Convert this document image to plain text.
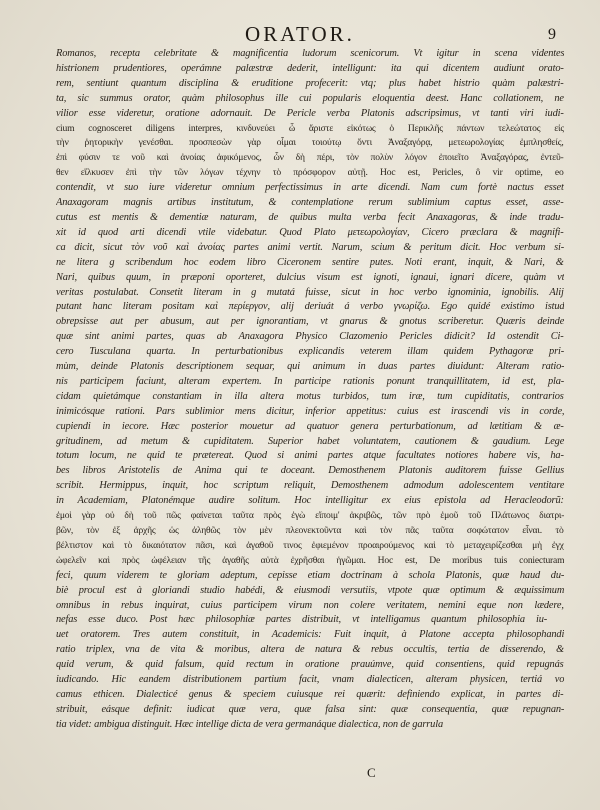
ORATOR.	9
Romanos, recepta celebritate & magnificentia ludorum scenicorum. Vt igitur in scena videntes
histrionem prudentiores, operámne palæstræ dederit, intelligunt: ita qui dicentem audiunt orato-
rem, sentiunt quantum disciplina & eruditione profecerit: vtq; plus habet histrio quàm palæstri-
ta, sic summus orator, quàm philosophus ille cui popularis eloquentia deest. Hanc collationem, ne
vilior esse videretur, oratione adornauit. De Pericle verba Platonis adscripsimus, vt tanti viri iudi-
cium cognosceret diligens interpres, κινδυνεύει ὦ ἄριστε εἰκότως ὁ Περικλῆς πάντων τελεώτατος εἰς
τὴν ῥητορικὴν γενέσθαι. προσπεσὼν γὰρ οἶμαι τοιούτῳ ὄντι Ἀναξαγόρᾳ, μετεωρολογίας ἐμπλησθείς,
ἐπὶ φύσιν τε νοῦ καὶ ἀνοίας ἀφικόμενος, ὧν δὴ πέρι, τὸν πολὺν λόγον ἐποιεῖτο Ἀναξαγόρας, ἐντεῦ-
θεν εἵλκυσεν ἐπὶ τὴν τῶν λόγων τέχνην τὸ πρόσφορον αὐτῇ. Hoc est, Pericles, ô vir optime, eo
contendit, vt suo iure videretur omnium perfectissimus in arte dicendi. Nam cum fortè nactus esset
Anaxagoram magnis artibus institutum, & contemplatione rerum sublimium captus esset, asse-
cutus est mentis & dementiæ naturam, de quibus multa verba fecit Anaxagoras, & inde tradu-
xit id quod arti dicendi vtile videbatur. Quod Plato μετεωρολογίαν, Cicero præclara & magnifi-
ca dicit, sicut τὸν νοῦ καὶ ἀνοίας partes animi vertit. Narum, scium & peritum dicit. Hoc verbum si-
ne litera g scribendum hoc eodem libro Ciceronem sentire putes. Noti erant, inquit, & Nari, &
Nari, quibus quum, in præponi oporteret, dulcius visum est ignoti, ignaui, ignari dicere, quàm vt
veritas postulabat. Consetit literam in g mutatá fuisse, sicut in hoc verbo ignominia, ignobilis. Alij
putant hanc literam positam καὶ περίεργον, alij deriuát á verbo γνωρίζω. Ego quidé existimo istud
obrepsisse aut per abusum, aut per ignorantiam, vt gnarus & gnotus scriberetur. Quæris deinde
quæ sint animi partes, quas ab Anaxagora Physico Clazomenio Pericles didicit? Id ostendit Ci-
cero Tusculana quarta. In perturbationibus explicandis veterem illam quidem Pythagoræ pri-
mùm, deinde Platonis descriptionem sequar, qui animum in duas partes diuidunt: Alteram ratio-
nis participem faciunt, alteram expertem. In participe rationis ponunt tranquillitatem, id est, pla-
cidam quietámque constantiam in illa altera motus turbidos, tum iræ, tum cupiditatis, contrarios
inimicósque rationi. Pars sublimior mens dicitur, inferior appetitus: cuius est irascendi vis in corde,
cupiendi in iecore. Hæc posterior mouetur ad quatuor genera perturbationum, ad lætitiam & æ-
gritudinem, ad metum & cupiditatem. Superior habet voluntatem, cautionem & gaudium. Lege
totum locum, ne quid te prætereat. Quod si animi partes atque facultates notiores habere vis, ha-
bes libros Aristotelis de Anima qui te doceant. Demosthenem Platonis auditorem fuisse Gellius
scribit. Hermippus, inquit, hoc scriptum reliquit, Demosthenem admodum adolescentem ventitare
in Academiam, Platonémque audire solitum. Hoc intelligitur ex eius epistola ad Heracleodorũ:
ἐμοὶ γὰρ οὐ δὴ τοῦ πῶς φαίνεται ταῦτα πρὸς ἐγὼ εἴποιμ' ἀκριβῶς, τῶν πρὸ ἐμοῦ τοῦ Πλάτωνος διατρι-
βῶν, τὸν ἐξ ἀρχῆς ὡς ἀληθῶς τὸν μὲν πλεονεκτοῦντα καὶ τὸν πᾶς ταῦτα σοφώτατον εἶναι. τὸ
βέλτιστον καὶ τὸ δικαιότατον πᾶσι, καὶ ἀγαθοῦ τινος ἐφιεμένον προαιρούμενος καὶ τὸ μεταχειρίζεσθαι μὴ ἐγχ
ὠφελεῖν καὶ πρὸς ὠφέλειαν τῆς ἀγαθῆς αὐτὰ ἐχρῆσθαι ἡγῶμαι. Hoc est, De moribus tuis coniecturam
feci, quum viderem te gloriam adeptum, cepisse etiam doctrinam à schola Platonis, quæ haud du-
biè procul est à gloriandi studio habédi, & eiusmodi versutiis, vtpote quæ optimum & æquissimum
omnibus in rebus inquirat, cuius participem virum non colere veritatem, nemini eque non lædere,
nefas esse duco. Post hæc philosophiæ partes distribuit, vt intelligamus quantum philosophia iu-
uet oratorem. Tres autem constituit, in Academicis: Fuit inquit, à Platone accepta philosophandi
ratio triplex, vna de vita & moribus, altera de natura & rebus occultis, tertia de disserendo, &
quid verum, & quid falsum, quid rectum in oratione prauúmve, quid consentiens, quid repugnás
iudicando. Hic eandem distributionem partium facit, vnam dialecticen, alteram physicen, tertiá vo
camus ethicen. Dialecticé genus & speciem cuiusque rei quærit: definiendo explicat, in partes di-
stribuit, eásque definit: iudicat quæ vera, quæ falsa sint: quæ consequentia, quæ repugnan-
tia videt: ambigua distinguit. Hæc intellige dicta de vera germanáque dialectica, non de garrula
C
